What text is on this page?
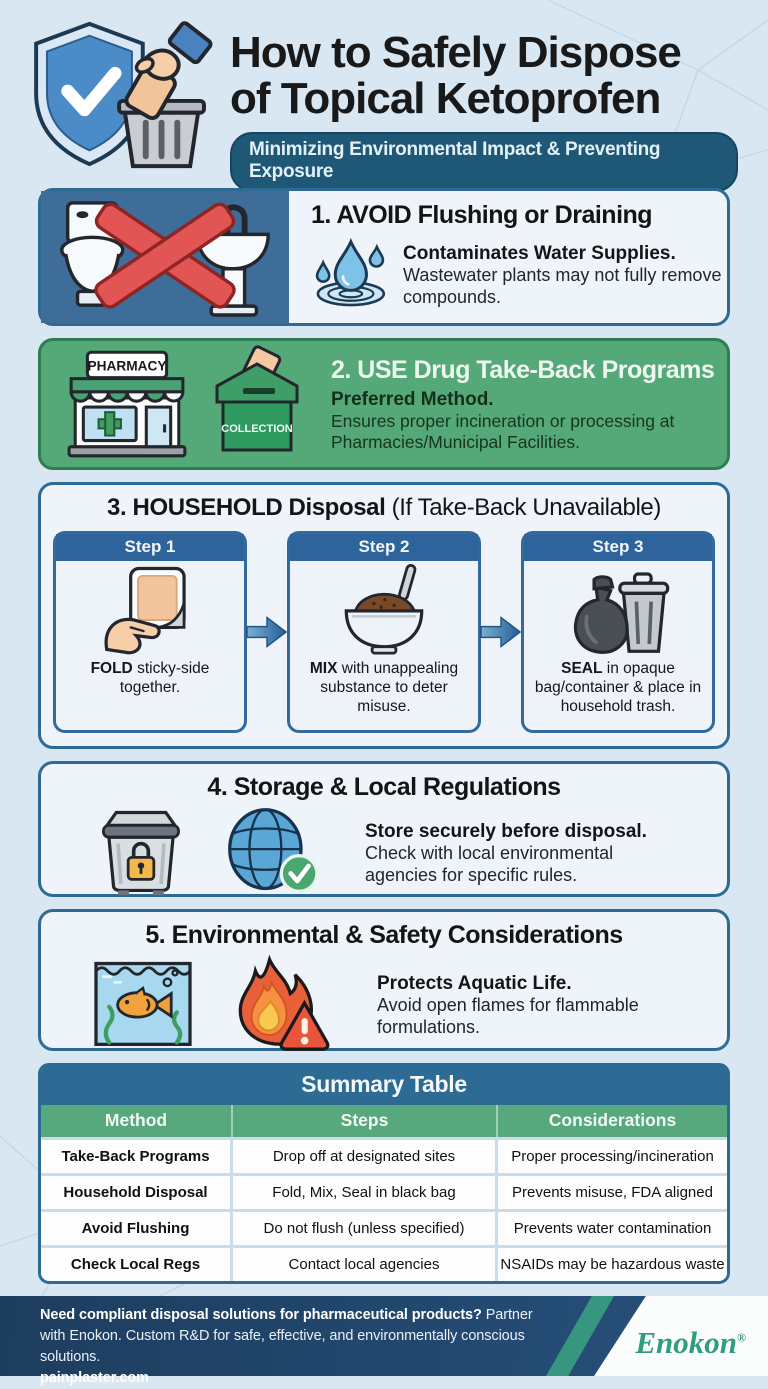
How to Safely Dispose
of Topical Ketoprofen
Minimizing Environmental Impact & Preventing Exposure
1. AVOID Flushing or Draining
Contaminates Water Supplies.
Wastewater plants may not fully remove compounds.
PHARMACY
COLLECTION
2. USE Drug Take-Back Programs
Preferred Method.
Ensures proper incineration or processing at Pharmacies/Municipal Facilities.
3. HOUSEHOLD Disposal (If Take-Back Unavailable)
Step 1
FOLD sticky-side together.
Step 2
MIX with unappealing substance to deter misuse.
Step 3
SEAL in opaque bag/container & place in household trash.
4. Storage & Local Regulations
Store securely before disposal.
Check with local environmental agencies for specific rules.
5. Environmental & Safety Considerations
Protects Aquatic Life.
Avoid open flames for flammable formulations.
Summary Table
Method	Steps	Considerations
Take-Back Programs	Drop off at designated sites	Proper processing/incineration
Household Disposal	Fold, Mix, Seal in black bag	Prevents misuse, FDA aligned
Avoid Flushing	Do not flush (unless specified)	Prevents water contamination
Check Local Regs	Contact local agencies	NSAIDs may be hazardous waste
Need compliant disposal solutions for pharmaceutical products? Partner with Enokon. Custom R&D for safe, effective, and environmentally conscious solutions.
painplaster.com
Enokon®
